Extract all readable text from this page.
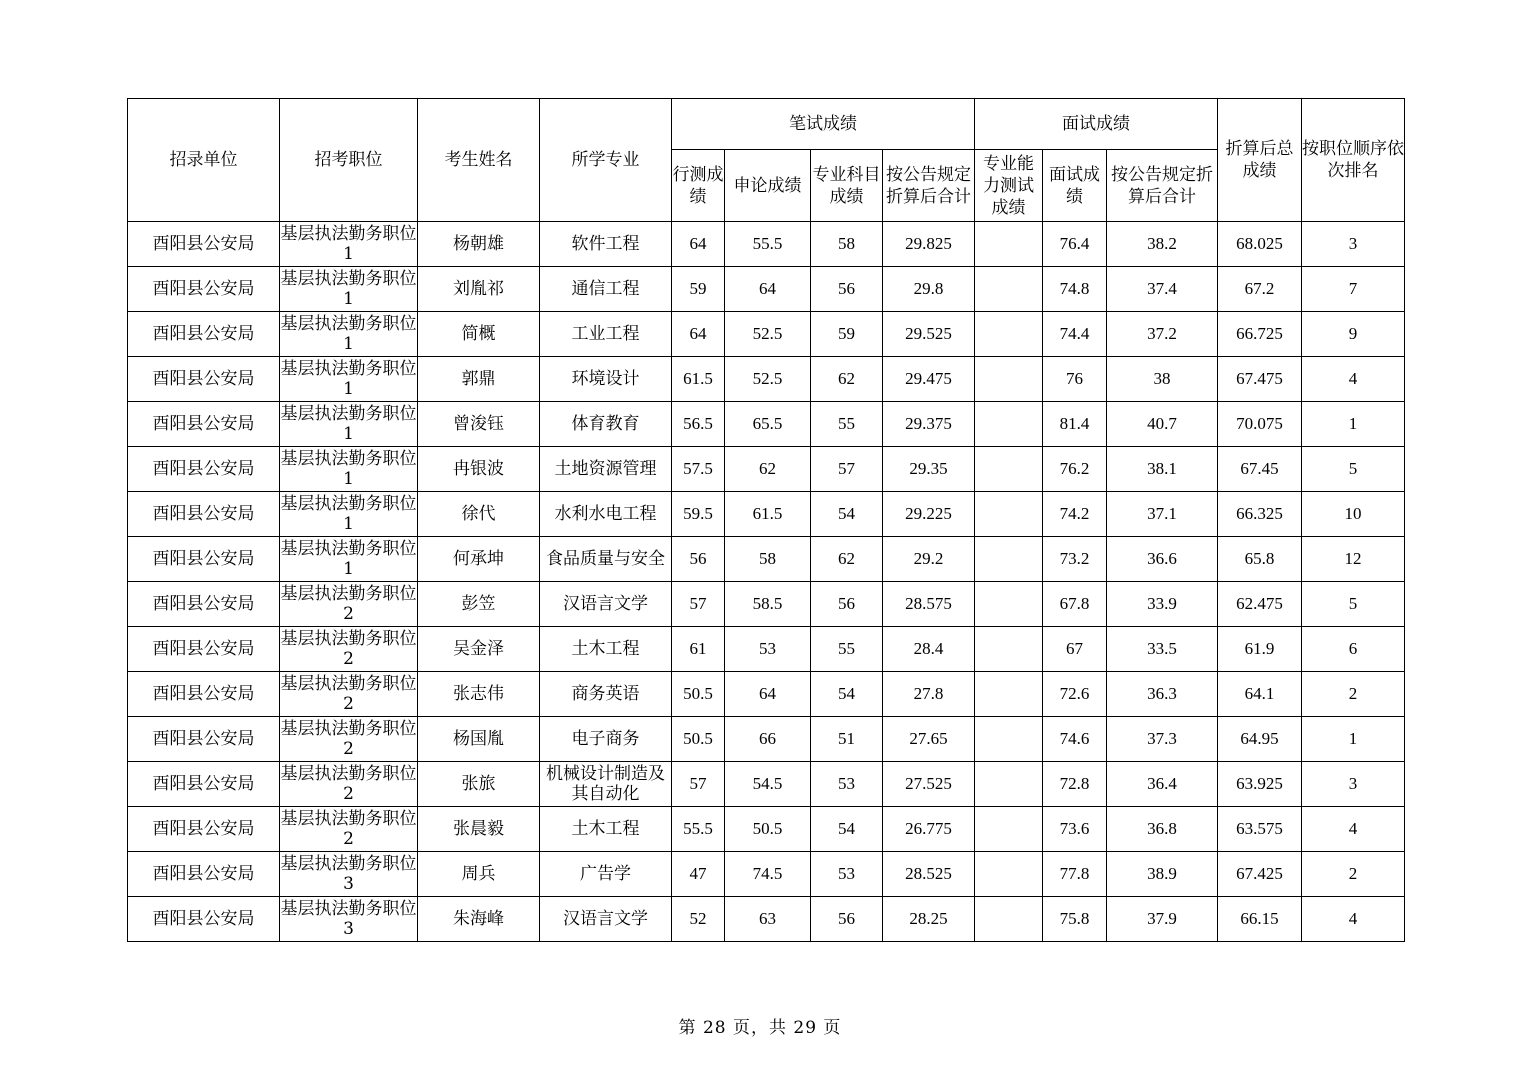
招录单位	招考职位	考生姓名	所学专业	笔试成绩				面试成绩			折算后总成绩	按职位顺序依次排名
				行测成绩	申论成绩	专业科目成绩	按公告规定折算后合计	专业能力测试成绩	面试成绩	按公告规定折算后合计		
酉阳县公安局	基层执法勤务职位1	杨朝雄	软件工程	64	55.5	58	29.825		76.4	38.2	68.025	3
酉阳县公安局	基层执法勤务职位1	刘胤祁	通信工程	59	64	56	29.8		74.8	37.4	67.2	7
酉阳县公安局	基层执法勤务职位1	简概	工业工程	64	52.5	59	29.525		74.4	37.2	66.725	9
酉阳县公安局	基层执法勤务职位1	郭鼎	环境设计	61.5	52.5	62	29.475		76	38	67.475	4
酉阳县公安局	基层执法勤务职位1	曾浚钰	体育教育	56.5	65.5	55	29.375		81.4	40.7	70.075	1
酉阳县公安局	基层执法勤务职位1	冉银波	土地资源管理	57.5	62	57	29.35		76.2	38.1	67.45	5
酉阳县公安局	基层执法勤务职位1	徐代	水利水电工程	59.5	61.5	54	29.225		74.2	37.1	66.325	10
酉阳县公安局	基层执法勤务职位1	何承坤	食品质量与安全	56	58	62	29.2		73.2	36.6	65.8	12
酉阳县公安局	基层执法勤务职位2	彭笠	汉语言文学	57	58.5	56	28.575		67.8	33.9	62.475	5
酉阳县公安局	基层执法勤务职位2	吴金泽	土木工程	61	53	55	28.4		67	33.5	61.9	6
酉阳县公安局	基层执法勤务职位2	张志伟	商务英语	50.5	64	54	27.8		72.6	36.3	64.1	2
酉阳县公安局	基层执法勤务职位2	杨国胤	电子商务	50.5	66	51	27.65		74.6	37.3	64.95	1
酉阳县公安局	基层执法勤务职位2	张旅	机械设计制造及其自动化	57	54.5	53	27.525		72.8	36.4	63.925	3
酉阳县公安局	基层执法勤务职位2	张晨毅	土木工程	55.5	50.5	54	26.775		73.6	36.8	63.575	4
酉阳县公安局	基层执法勤务职位3	周兵	广告学	47	74.5	53	28.525		77.8	38.9	67.425	2
酉阳县公安局	基层执法勤务职位3	朱海峰	汉语言文学	52	63	56	28.25		75.8	37.9	66.15	4
第 28 页，共 29 页
